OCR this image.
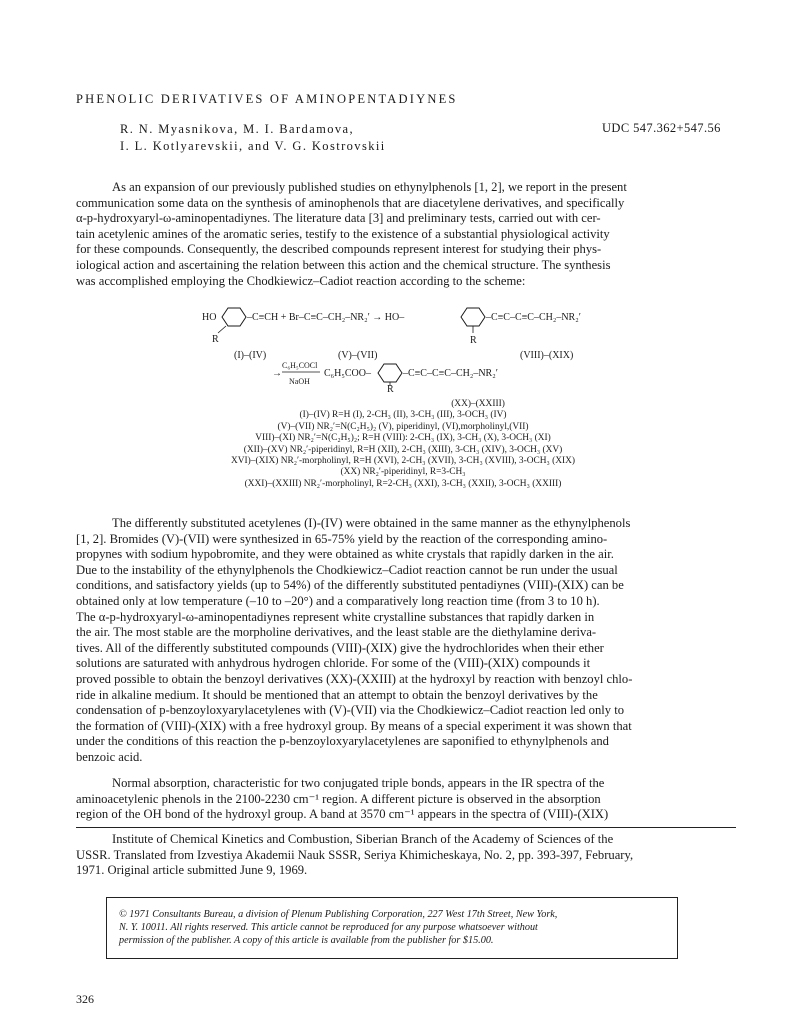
PHENOLIC DERIVATIVES OF AMINOPENTADIYNES
R. N. Myasnikova, M. I. Bardamova,
I. L. Kotlyarevskii, and V. G. Kostrovskii
UDC 547.362+547.56

As an expansion of our previously published studies on ethynylphenols [1, 2], we report in the present
communication some data on the synthesis of aminophenols that are diacetylene derivatives, and specifically
α-p-hydroxyaryl-ω-aminopentadiynes. The literature data [3] and preliminary tests, carried out with cer-
tain acetylenic amines of the aromatic series, testify to the existence of a substantial physiological activity
for these compounds. Consequently, the described compounds represent interest for studying their phys-
iological action and ascertaining the relation between this action and the chemical structure. The synthesis
was accomplished employing the Chodkiewicz–Cadiot reaction according to the scheme:

HO	–C≡CH + Br–C≡C–CH₂–NR₂′ → HO–	–C≡C–C≡C–CH₂–NR₂′
R	R
(I)–(IV)	(V)–(VII)	(VIII)–(XIX)
C₆H₅COCl
→
NaOH
C₆H₅COO–	–C≡C–C≡C–CH₂–NR₂′
R
(XX)–(XXIII)
(I)–(IV) R=H (I), 2-CH₃ (II), 3-CH₃ (III), 3-OCH₃ (IV)
(V)–(VII) NR₂′=N(C₂H₅)₂ (V), piperidinyl, (VI),morpholinyl,(VII)
VIII)–(XI) NR₂′=N(C₂H₅)₂; R=H (VIII): 2-CH₃ (IX), 3-CH₃ (X), 3-OCH₃ (XI)
(XII)–(XV) NR₂′-piperidinyl, R=H (XII), 2-CH₃ (XIII), 3-CH₃ (XIV), 3-OCH₃ (XV)
XVI)–(XIX) NR₂′-morpholinyl, R=H (XVI), 2-CH₃ (XVII), 3-CH₃ (XVIII), 3-OCH₃ (XIX)
(XX) NR₂′-piperidinyl, R=3-CH₃
(XXI)–(XXIII) NR₂′-morpholinyl, R=2-CH₃ (XXI), 3-CH₃ (XXII), 3-OCH₃ (XXIII)

The differently substituted acetylenes (I)-(IV) were obtained in the same manner as the ethynylphenols
[1, 2]. Bromides (V)-(VII) were synthesized in 65-75% yield by the reaction of the corresponding amino-
propynes with sodium hypobromite, and they were obtained as white crystals that rapidly darken in the air.
Due to the instability of the ethynylphenols the Chodkiewicz–Cadiot reaction cannot be run under the usual
conditions, and satisfactory yields (up to 54%) of the differently substituted pentadiynes (VIII)-(XIX) can be
obtained only at low temperature (–10 to –20°) and a comparatively long reaction time (from 3 to 10 h).
The α-p-hydroxyaryl-ω-aminopentadiynes represent white crystalline substances that rapidly darken in
the air. The most stable are the morpholine derivatives, and the least stable are the diethylamine deriva-
tives. All of the differently substituted compounds (VIII)-(XIX) give the hydrochlorides when their ether
solutions are saturated with anhydrous hydrogen chloride. For some of the (VIII)-(XIX) compounds it
proved possible to obtain the benzoyl derivatives (XX)-(XXIII) at the hydroxyl by reaction with benzoyl chlo-
ride in alkaline medium. It should be mentioned that an attempt to obtain the benzoyl derivatives by the
condensation of p-benzoyloxyarylacetylenes with (V)-(VII) via the Chodkiewicz–Cadiot reaction led only to
the formation of (VIII)-(XIX) with a free hydroxyl group. By means of a special experiment it was shown that
under the conditions of this reaction the p-benzoyloxyarylacetylenes are saponified to ethynylphenols and
benzoic acid.

Normal absorption, characteristic for two conjugated triple bonds, appears in the IR spectra of the
aminoacetylenic phenols in the 2100-2230 cm⁻¹ region. A different picture is observed in the absorption
region of the OH bond of the hydroxyl group. A band at 3570 cm⁻¹ appears in the spectra of (VIII)-(XIX)

Institute of Chemical Kinetics and Combustion, Siberian Branch of the Academy of Sciences of the
USSR. Translated from Izvestiya Akademii Nauk SSSR, Seriya Khimicheskaya, No. 2, pp. 393-397, February,
1971. Original article submitted June 9, 1969.
© 1971 Consultants Bureau, a division of Plenum Publishing Corporation, 227 West 17th Street, New York,
N. Y. 10011. All rights reserved. This article cannot be reproduced for any purpose whatsoever without
permission of the publisher. A copy of this article is available from the publisher for $15.00.
326
